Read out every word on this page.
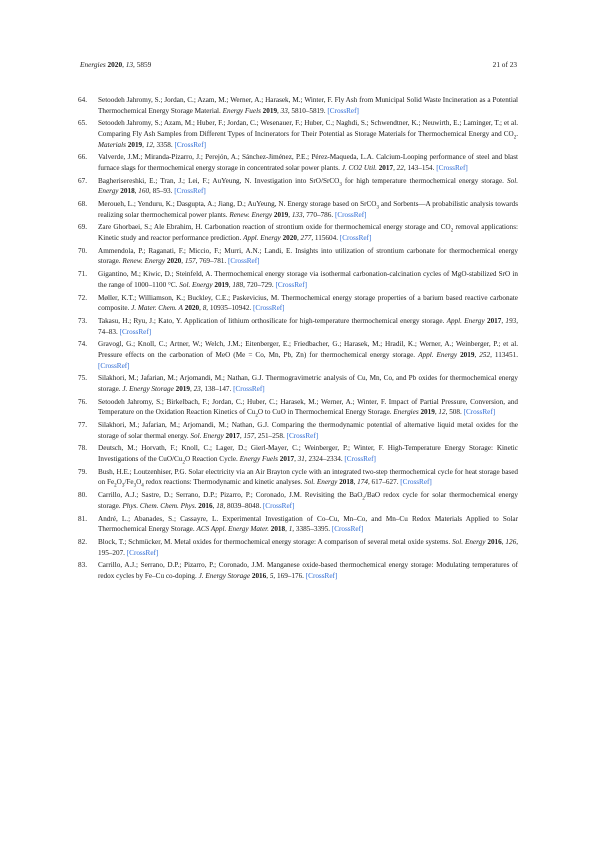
Energies 2020, 13, 5859	21 of 23
64. Setoodeh Jahromy, S.; Jordan, C.; Azam, M.; Werner, A.; Harasek, M.; Winter, F. Fly Ash from Municipal Solid Waste Incineration as a Potential Thermochemical Energy Storage Material. Energy Fuels 2019, 33, 5810–5819. [CrossRef]
65. Setoodeh Jahromy, S.; Azam, M.; Huber, F.; Jordan, C.; Wesenauer, F.; Huber, C.; Naghdi, S.; Schwendtner, K.; Neuwirth, E.; Laminger, T.; et al. Comparing Fly Ash Samples from Different Types of Incinerators for Their Potential as Storage Materials for Thermochemical Energy and $CO_2$. Materials 2019, 12, 3358. [CrossRef]
66. Valverde, J.M.; Miranda-Pizarro, J.; Perejón, A.; Sánchez-Jiménez, P.E.; Pérez-Maqueda, L.A. Calcium-Looping performance of steel and blast furnace slags for thermochemical energy storage in concentrated solar power plants. J. CO2 Util. 2017, 22, 143–154. [CrossRef]
67. Bagherisereshki, E.; Tran, J.; Lei, F.; AuYeung, N. Investigation into SrO/SrCO$_3$ for high temperature thermochemical energy storage. Sol. Energy 2018, 160, 85–93. [CrossRef]
68. Meroueh, L.; Yenduru, K.; Dasgupta, A.; Jiang, D.; AuYeung, N. Energy storage based on SrCO$_3$ and Sorbents—A probabilistic analysis towards realizing solar thermochemical power plants. Renew. Energy 2019, 133, 770–786. [CrossRef]
69. Zare Ghorbaei, S.; Ale Ebrahim, H. Carbonation reaction of strontium oxide for thermochemical energy storage and $CO_2$ removal applications: Kinetic study and reactor performance prediction. Appl. Energy 2020, 277, 115604. [CrossRef]
70. Ammendola, P.; Raganati, F.; Miccio, F.; Murri, A.N.; Landi, E. Insights into utilization of strontium carbonate for thermochemical energy storage. Renew. Energy 2020, 157, 769–781. [CrossRef]
71. Gigantino, M.; Kiwic, D.; Steinfeld, A. Thermochemical energy storage via isothermal carbonation-calcination cycles of MgO-stabilized SrO in the range of 1000–1100 °C. Sol. Energy 2019, 188, 720–729. [CrossRef]
72. Møller, K.T.; Williamson, K.; Buckley, C.E.; Paskevicius, M. Thermochemical energy storage properties of a barium based reactive carbonate composite. J. Mater. Chem. A 2020, 8, 10935–10942. [CrossRef]
73. Takasu, H.; Ryu, J.; Kato, Y. Application of lithium orthosilicate for high-temperature thermochemical energy storage. Appl. Energy 2017, 193, 74–83. [CrossRef]
74. Gravogl, G.; Knoll, C.; Artner, W.; Welch, J.M.; Eitenberger, E.; Friedbacher, G.; Harasek, M.; Hradil, K.; Werner, A.; Weinberger, P.; et al. Pressure effects on the carbonation of MeO (Me = Co, Mn, Pb, Zn) for thermochemical energy storage. Appl. Energy 2019, 252, 113451. [CrossRef]
75. Silakhori, M.; Jafarian, M.; Arjomandi, M.; Nathan, G.J. Thermogravimetric analysis of Cu, Mn, Co, and Pb oxides for thermochemical energy storage. J. Energy Storage 2019, 23, 138–147. [CrossRef]
76. Setoodeh Jahromy, S.; Birkelbach, F.; Jordan, C.; Huber, C.; Harasek, M.; Werner, A.; Winter, F. Impact of Partial Pressure, Conversion, and Temperature on the Oxidation Reaction Kinetics of $Cu_2O$ to CuO in Thermochemical Energy Storage. Energies 2019, 12, 508. [CrossRef]
77. Silakhori, M.; Jafarian, M.; Arjomandi, M.; Nathan, G.J. Comparing the thermodynamic potential of alternative liquid metal oxides for the storage of solar thermal energy. Sol. Energy 2017, 157, 251–258. [CrossRef]
78. Deutsch, M.; Horvath, F.; Knoll, C.; Lager, D.; Gierl-Mayer, C.; Weinberger, P.; Winter, F. High-Temperature Energy Storage: Kinetic Investigations of the CuO/$Cu_2O$ Reaction Cycle. Energy Fuels 2017, 31, 2324–2334. [CrossRef]
79. Bush, H.E.; Loutzenhiser, P.G. Solar electricity via an Air Brayton cycle with an integrated two-step thermochemical cycle for heat storage based on $Fe_2O_3/Fe_3O_4$ redox reactions: Thermodynamic and kinetic analyses. Sol. Energy 2018, 174, 617–627. [CrossRef]
80. Carrillo, A.J.; Sastre, D.; Serrano, D.P.; Pizarro, P.; Coronado, J.M. Revisiting the BaO$_2$/BaO redox cycle for solar thermochemical energy storage. Phys. Chem. Chem. Phys. 2016, 18, 8039–8048. [CrossRef]
81. André, L.; Abanades, S.; Cassayre, L. Experimental Investigation of Co–Cu, Mn–Co, and Mn–Cu Redox Materials Applied to Solar Thermochemical Energy Storage. ACS Appl. Energy Mater. 2018, 1, 3385–3395. [CrossRef]
82. Block, T.; Schmücker, M. Metal oxides for thermochemical energy storage: A comparison of several metal oxide systems. Sol. Energy 2016, 126, 195–207. [CrossRef]
83. Carrillo, A.J.; Serrano, D.P.; Pizarro, P.; Coronado, J.M. Manganese oxide-based thermochemical energy storage: Modulating temperatures of redox cycles by Fe–Cu co-doping. J. Energy Storage 2016, 5, 169–176. [CrossRef]
